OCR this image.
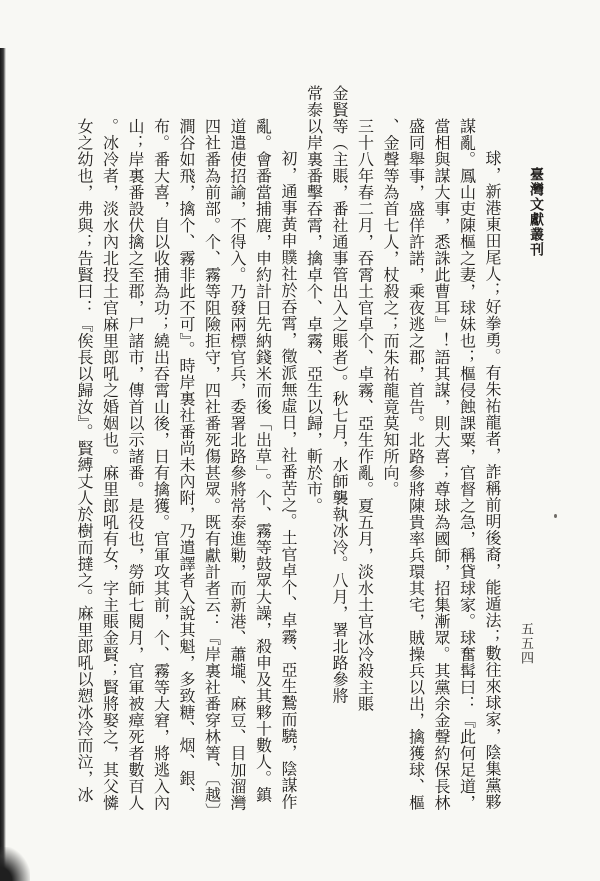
臺灣文獻叢刊
五五四

球，新港東田尾人；好拳勇。有朱祐龍者，詐稱前明後裔，能遁法；數往來球家，陰集黨夥

謀亂。鳳山吏陳樞之妻，球妹也；樞侵蝕課粟，官督之急，稱貸球家。球奮髯曰：『此何足道，

當相與謀大事，悉誅此曹耳』！語其謀，則大喜；尊球為國師，招集漸眾。其黨余金聲約保長林

盛同舉事，盛佯許諾，乘夜逃之郡，首告。北路參將陳貴率兵環其宅，賊操兵以出，擒獲球、樞

、金聲等為首七人，杖殺之；而朱祐龍竟莫知所向。

三十八年春二月，吞霄土官卓个、卓霧、亞生作亂。夏五月，淡水土官冰冷殺主賬

金賢等（主賬，番社通事管出入之賬者）。秋七月，水師襲執冰冷。八月，署北路參將

常泰以岸裏番擊吞霄，擒卓个、卓霧、亞生以歸，斬於市。

初，通事黃申贌社於吞霄，徵派無虛日，社番苦之。土官卓个、卓霧、亞生鷙而驍，陰謀作

亂。會番當捕鹿，申約計日先納錢米而後「出草」。个、霧等鼓眾大譟，殺申及其夥十數人。鎮

道遣使招諭，不得入。乃發兩標官兵，委署北路參將常泰進勦，而新港、蕭壠、麻豆、目加溜灣

四社番為前部。个、霧等阻險拒守，四社番死傷甚眾。既有獻計者云：『岸裏社番穿林箐、〔越〕

澗谷如飛，擒个、霧非此不可』。時岸裏社番尚未內附，乃遣譯者入說其魁，多致糖、烟、銀、

布。番大喜，自以收捕為功；繞出吞霄山後，日有擒獲。官軍攻其前，个、霧等大窘，將逃入內

山；岸裏番設伏擒之至郡，尸諸市，傳首以示諸番。是役也，勞師七閱月，官軍被瘴死者數百人

。冰冷者，淡水內北投土官麻里郎吼之婚姻也。麻里郎吼有女，字主賬金賢；賢將娶之，其父憐

女之幼也，弗與；告賢曰：『俟長以歸汝』。賢縛丈人於樹而撻之。麻里郎吼以愬冰冷而泣，冰
